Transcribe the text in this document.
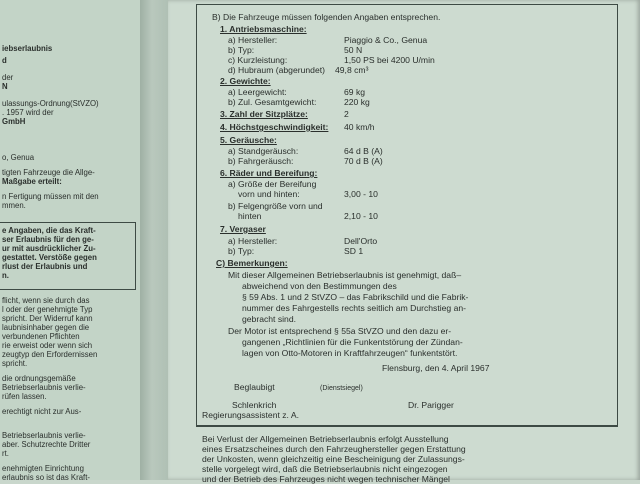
iebserlaubnis
d
der
N
ulassungs-Ordnung(StVZO)
. 1957 wird der
GmbH
o, Genua
tigten Fahrzeuge die Allge-
Maßgabe erteilt:
n Fertigung müssen mit den
mmen.
e Angaben, die das Kraft-
ser Erlaubnis für den ge-
ur mit ausdrücklicher Zu-
gestattet. Verstöße gegen
rlust der Erlaubnis und
n.
flicht, wenn sie durch das
l oder der genehmigte Typ
spricht. Der Widerruf kann
laubnisinhaber gegen die
verbundenen Pflichten
rie erweist oder wenn sich
zeugtyp den Erfordernissen
spricht.
die ordnungsgemäße
Betriebserlaubnis verlie-
rüfen lassen.
erechtigt nicht zur Aus-
Betriebserlaubnis verlie-
aber. Schutzrechte Dritter
rt.
enehmigten Einrichtung
erlaubnis so ist das Kraft-
B) Die Fahrzeuge müssen folgenden Angaben entsprechen.
1. Antriebsmaschine:
a) Hersteller:	Piaggio & Co., Genua
b) Typ:	50 N
c) Kurzleistung:	1,50 PS bei 4200 U/min
d) Hubraum (abgerundet) 49,8 cm³
2. Gewichte:
a) Leergewicht:	69 kg
b) Zul. Gesamtgewicht:	220 kg
3. Zahl der Sitzplätze:	2
4. Höchstgeschwindigkeit: 40 km/h
5. Geräusche:
a) Standgeräusch:	64 d B (A)
b) Fahrgeräusch:	70 d B (A)
6. Räder und Bereifung:
a) Größe der Bereifung
vorn und hinten:	3,00 - 10
b) Felgengröße vorn und
hinten	2,10 - 10
7. Vergaser
a) Hersteller:	Dell'Orto
b) Typ:	SD 1
C) Bemerkungen:
Mit dieser Allgemeinen Betriebserlaubnis ist genehmigt, daß–
abweichend von den Bestimmungen des
§ 59 Abs. 1 und 2 StVZO – das Fabrikschild und die Fabrik-
nummer des Fahrgestells rechts seitlich am Durchstieg an-
gebracht sind.
Der Motor ist entsprechend § 55a StVZO und den dazu er-
gangenen „Richtlinien für die Funkentstörung der Zündan-
lagen von Otto-Motoren in Kraftfahrzeugen“ funkentstört.
Flensburg, den 4. April 1967
Beglaubigt	(Dienstsiegel)
Schlenkrich	Dr. Parigger
Regierungsassistent z. A.
Bei Verlust der Allgemeinen Betriebserlaubnis erfolgt Ausstellung
eines Ersatzscheines durch den Fahrzeughersteller gegen Erstattung
der Unkosten, wenn gleichzeitig eine Bescheinigung der Zulassungs-
stelle vorgelegt wird, daß die Betriebserlaubnis nicht eingezogen
und der Betrieb des Fahrzeuges nicht wegen technischer Mängel
